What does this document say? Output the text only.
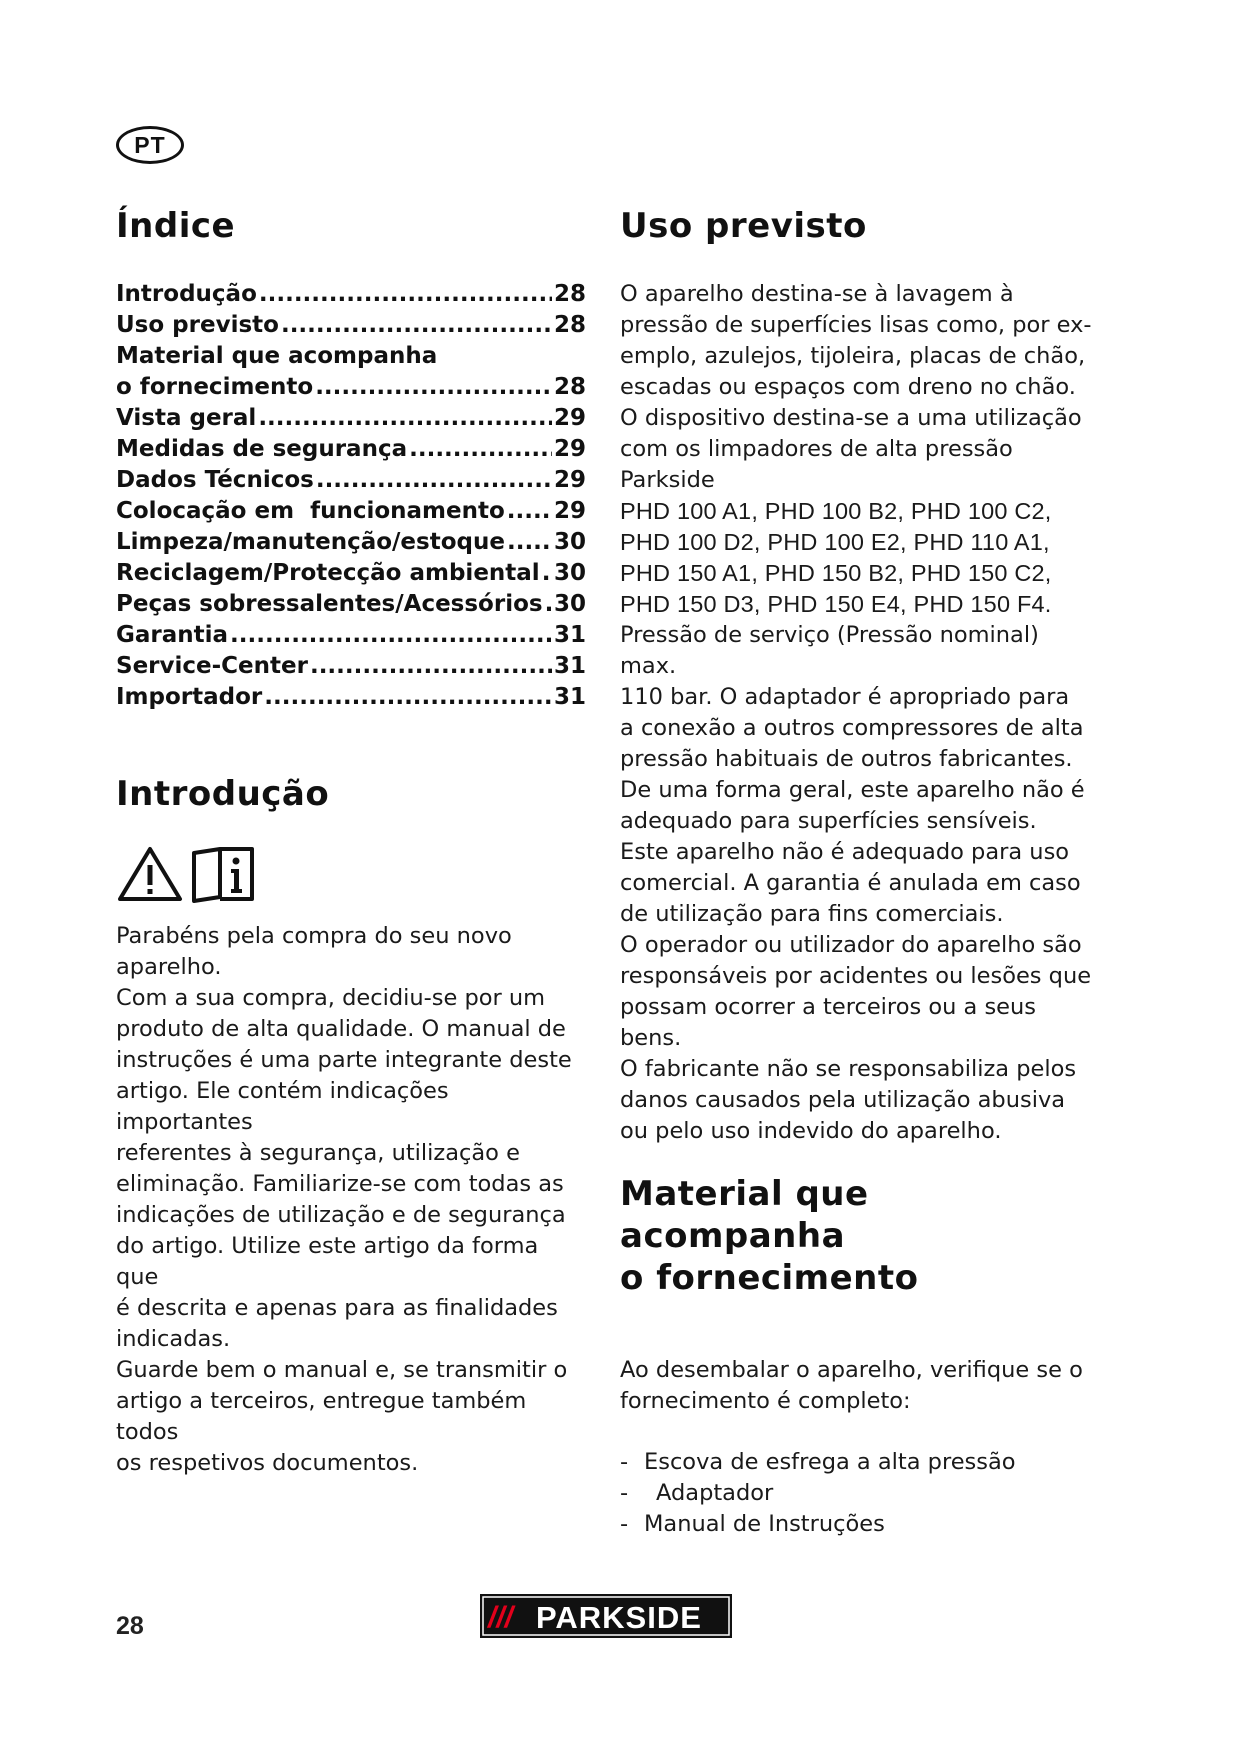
PT
Índice
Introdução .....	28
Uso previsto .....	28
Material que acompanha
o fornecimento .....	28
Vista geral .....	29
Medidas de segurança .....	29
Dados Técnicos .....	29
Colocação em  funcionamento ..... 29
Limpeza/manutenção/estoque ..... 30
Reciclagem/Protecção ambiental ..... 30
Peças sobressalentes/Acessórios ..... 30
Garantia .....	31
Service-Center .....	31
Importador .....	31
Introdução

Parabéns pela compra do seu novo

aparelho.

Com a sua compra, decidiu-se por um

produto de alta qualidade. O manual de

instruções é uma parte integrante deste

artigo. Ele contém indicações importantes

referentes à segurança, utilização e

eliminação. Familiarize-se com todas as

indicações de utilização e de segurança

do artigo. Utilize este artigo da forma que

é descrita e apenas para as finalidades

indicadas.

Guarde bem o manual e, se transmitir o

artigo a terceiros, entregue também todos

os respetivos documentos.

Uso previsto

O aparelho destina-se à lavagem à

pressão de superfícies lisas como, por ex-

emplo, azulejos, tijoleira, placas de chão,

escadas ou espaços com dreno no chão.

O dispositivo destina-se a uma utilização

com os limpadores de alta pressão

Parkside

PHD 100 A1, PHD 100 B2, PHD 100 C2,

PHD 100 D2, PHD 100 E2, PHD 110 A1,

PHD 150 A1, PHD 150 B2, PHD 150 C2,

PHD 150 D3, PHD 150 E4, PHD 150 F4.

Pressão de serviço (Pressão nominal) max.

110 bar. O adaptador é apropriado para

a conexão a outros compressores de alta

pressão habituais de outros fabricantes.

De uma forma geral, este aparelho não é

adequado para superfícies sensíveis.

Este aparelho não é adequado para uso

comercial. A garantia é anulada em caso

de utilização para fins comerciais.

O operador ou utilizador do aparelho são

responsáveis por acidentes ou lesões que

possam ocorrer a terceiros ou a seus bens.

O fabricante não se responsabiliza pelos

danos causados pela utilização abusiva

ou pelo uso indevido do aparelho.

Material que acompanha
o fornecimento

Ao desembalar o aparelho, verifique se o

fornecimento é completo:

- Escova de esfrega a alta pressão
- Adaptador
- Manual de Instruções
28	/// PARKSIDE
